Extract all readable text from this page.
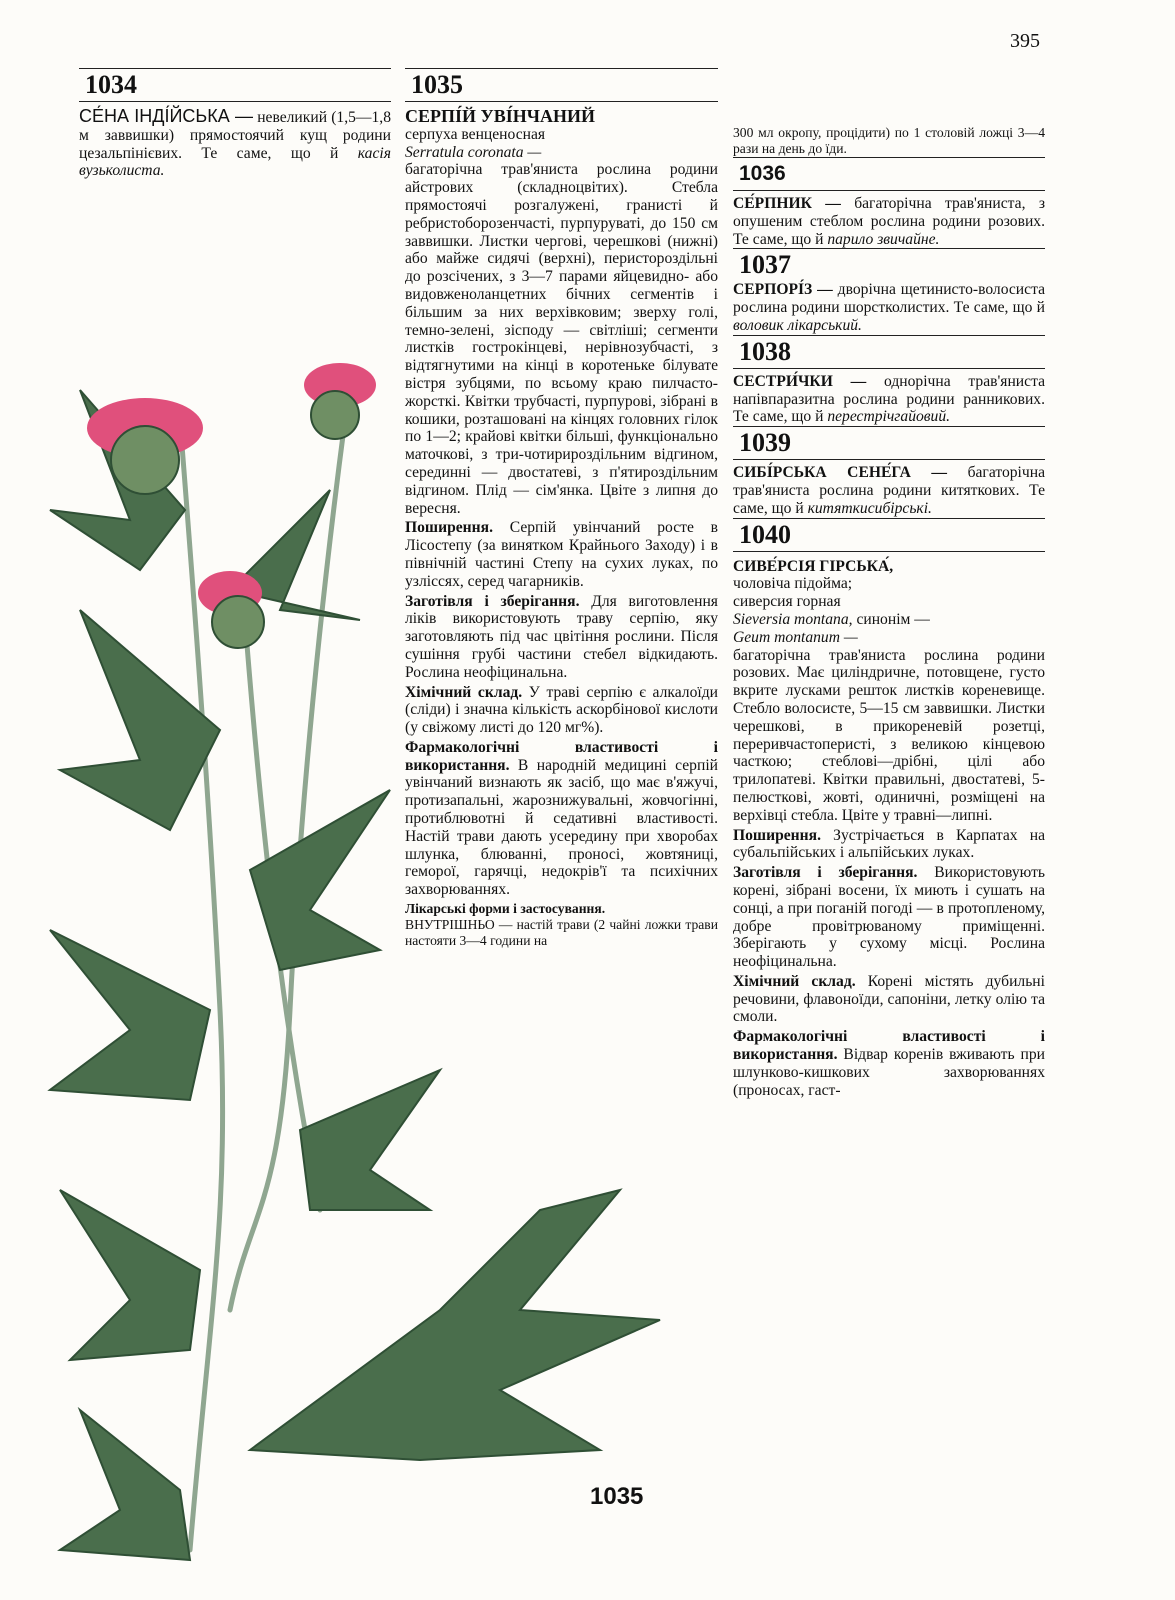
395
1034

СЕ́НА ІНДІ́ЙСЬКА — невеликий (1,5—1,8 м заввишки) прямостоячий кущ родини цезальпінієвих. Те саме, що й касія вузьколиста.

1035
1035
СЕРПІ́Й УВІ́НЧАНИЙ
серпуха венценосная
Serratula coronata —

багаторічна трав'яниста рослина родини айстрових (складноцвітих). Стебла прямостоячі розгалужені, гранисті й ребристоборозенчасті, пурпуруваті, до 150 см заввишки. Листки чергові, черешкові (нижні) або майже сидячі (верхні), перистороздільні до розсічених, з 3—7 парами яйцевидно- або видовженоланцетних бічних сегментів і більшим за них верхівковим; зверху голі, темно-зелені, зісподу — світліші; сегменти листків гострокінцеві, нерівнозубчасті, з відтягнутими на кінці в коротеньке білувате вістря зубцями, по всьому краю пилчасто-жорсткі. Квітки трубчасті, пурпурові, зібрані в кошики, розташовані на кінцях головних гілок по 1—2; крайові квітки більші, функціонально маточкові, з три-чотирироздільним відгином, серединні — двостатеві, з п'ятироздільним відгином. Плід — сім'янка. Цвіте з липня до вересня.

Поширення. Серпій увінчаний росте в Лісостепу (за винятком Крайнього Заходу) і в північній частині Степу на сухих луках, по узліссях, серед чагарників.

Заготівля і зберігання. Для виготовлення ліків використовують траву серпію, яку заготовляють під час цвітіння рослини. Після сушіння грубі частини стебел відкидають. Рослина неофіцинальна.

Хімічний склад. У траві серпію є алкалоїди (сліди) і значна кількість аскорбінової кислоти (у свіжому листі до 120 мг%).

Фармакологічні властивості і використання. В народній медицині серпій увінчаний визнають як засіб, що має в'яжучі, протизапальні, жарознижувальні, жовчогінні, протиблювотні й седативні властивості. Настій трави дають усередину при хворобах шлунка, блюванні, проносі, жовтяниці, геморої, гарячці, недокрів'ї та психічних захворюваннях.

Лікарські форми і застосування.
ВНУТРІШНЬО — настій трави (2 чайні ложки трави настояти 3—4 години на

300 мл окропу, процідити) по 1 столовій ложці 3—4 рази на день до їди.

1036

СЕ́РПНИК — багаторічна трав'яниста, з опушеним стеблом рослина родини розових. Те саме, що й парило звичайне.

1037

СЕРПОРІ́З — дворічна щетинисто-волосиста рослина родини шорстколистих. Те саме, що й воловик лікарський.

1038

СЕСТРИ́ЧКИ — однорічна трав'яниста напівпаразитна рослина родини ранникових. Те саме, що й перестрічгайовий.

1039

СИБІ́РСЬКА СЕНЕ́ГА — багаторічна трав'яниста рослина родини китяткових. Те саме, що й китяткисибірські.

1040
СИВЕ́РСІЯ ГІРСЬКА́,
чоловіча підойма;
сиверсия горная
Sieversia montana, синонім —
Geum montanum —

багаторічна трав'яниста рослина родини розових. Має циліндричне, потовщене, густо вкрите лусками решток листків кореневище. Стебло волосисте, 5—15 см заввишки. Листки черешкові, в прикореневій розетці, переривчастоперисті, з великою кінцевою часткою; стеблові—дрібні, цілі або трилопатеві. Квітки правильні, двостатеві, 5-пелюсткові, жовті, одиничні, розміщені на верхівці стебла. Цвіте у травні—липні.

Поширення. Зустрічається в Карпатах на субальпійських і альпійських луках.

Заготівля і зберігання. Використовують корені, зібрані восени, їх миють і сушать на сонці, а при поганій погоді — в протопленому, добре провітрюваному приміщенні. Зберігають у сухому місці. Рослина неофіцинальна.

Хімічний склад. Корені містять дубильні речовини, флавоноїди, сапоніни, летку олію та смоли.

Фармакологічні властивості і використання. Відвар коренів вживають при шлунково-кишкових захворюваннях (проносах, гаст-
